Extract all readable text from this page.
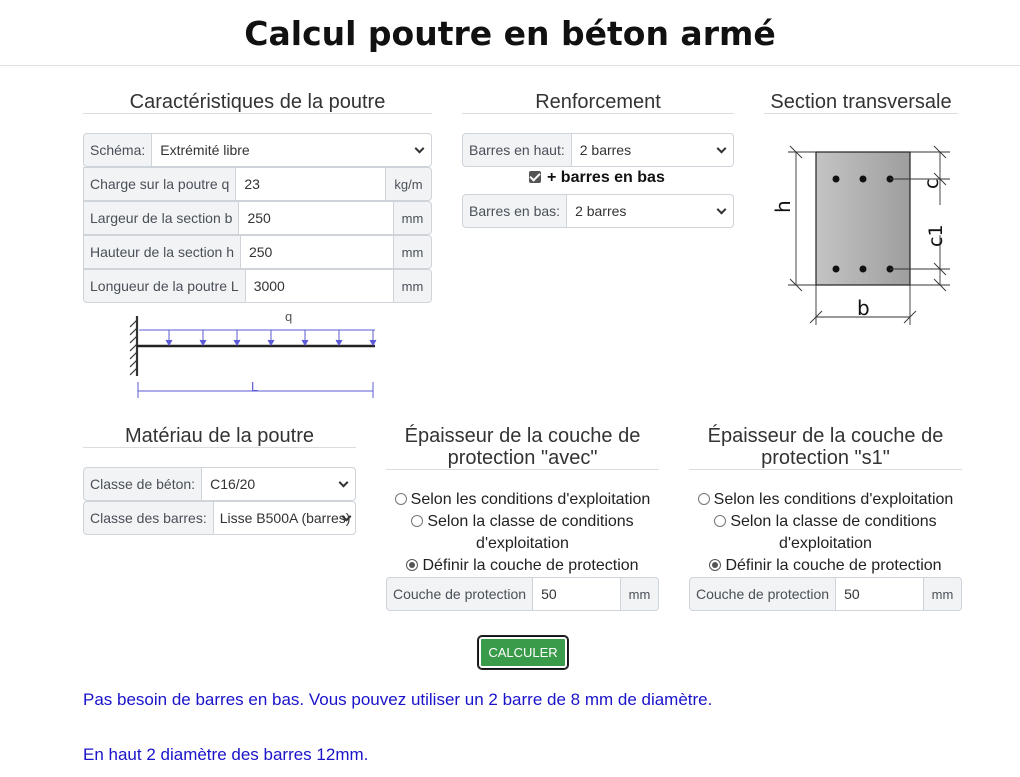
Calcul poutre en béton armé
Caractéristiques de la poutre
Schéma:	Extrémité libre
Charge sur la poutre q	23	kg/m
Largeur de la section b	250	mm
Hauteur de la section h	250	mm
Longueur de la poutre L	3000	mm
q
L
Renforcement
Barres en haut:	2 barres
+ barres en bas
Barres en bas:	2 barres
Section transversale
h
b
c
c1
Matériau de la poutre
Classe de béton:	C16/20
Classe des barres: Lisse B500A (barres)
Épaisseur de la couche de
protection "avec"
Selon les conditions d'exploitation
Selon la classe de conditions
d'exploitation
Définir la couche de protection
Couche de protection	50	mm
Épaisseur de la couche de
protection "s1"
Selon les conditions d'exploitation
Selon la classe de conditions
d'exploitation
Définir la couche de protection
Couche de protection	50	mm
CALCULER
Pas besoin de barres en bas. Vous pouvez utiliser un 2 barre de 8 mm de diamètre.
En haut 2 diamètre des barres 12mm.
